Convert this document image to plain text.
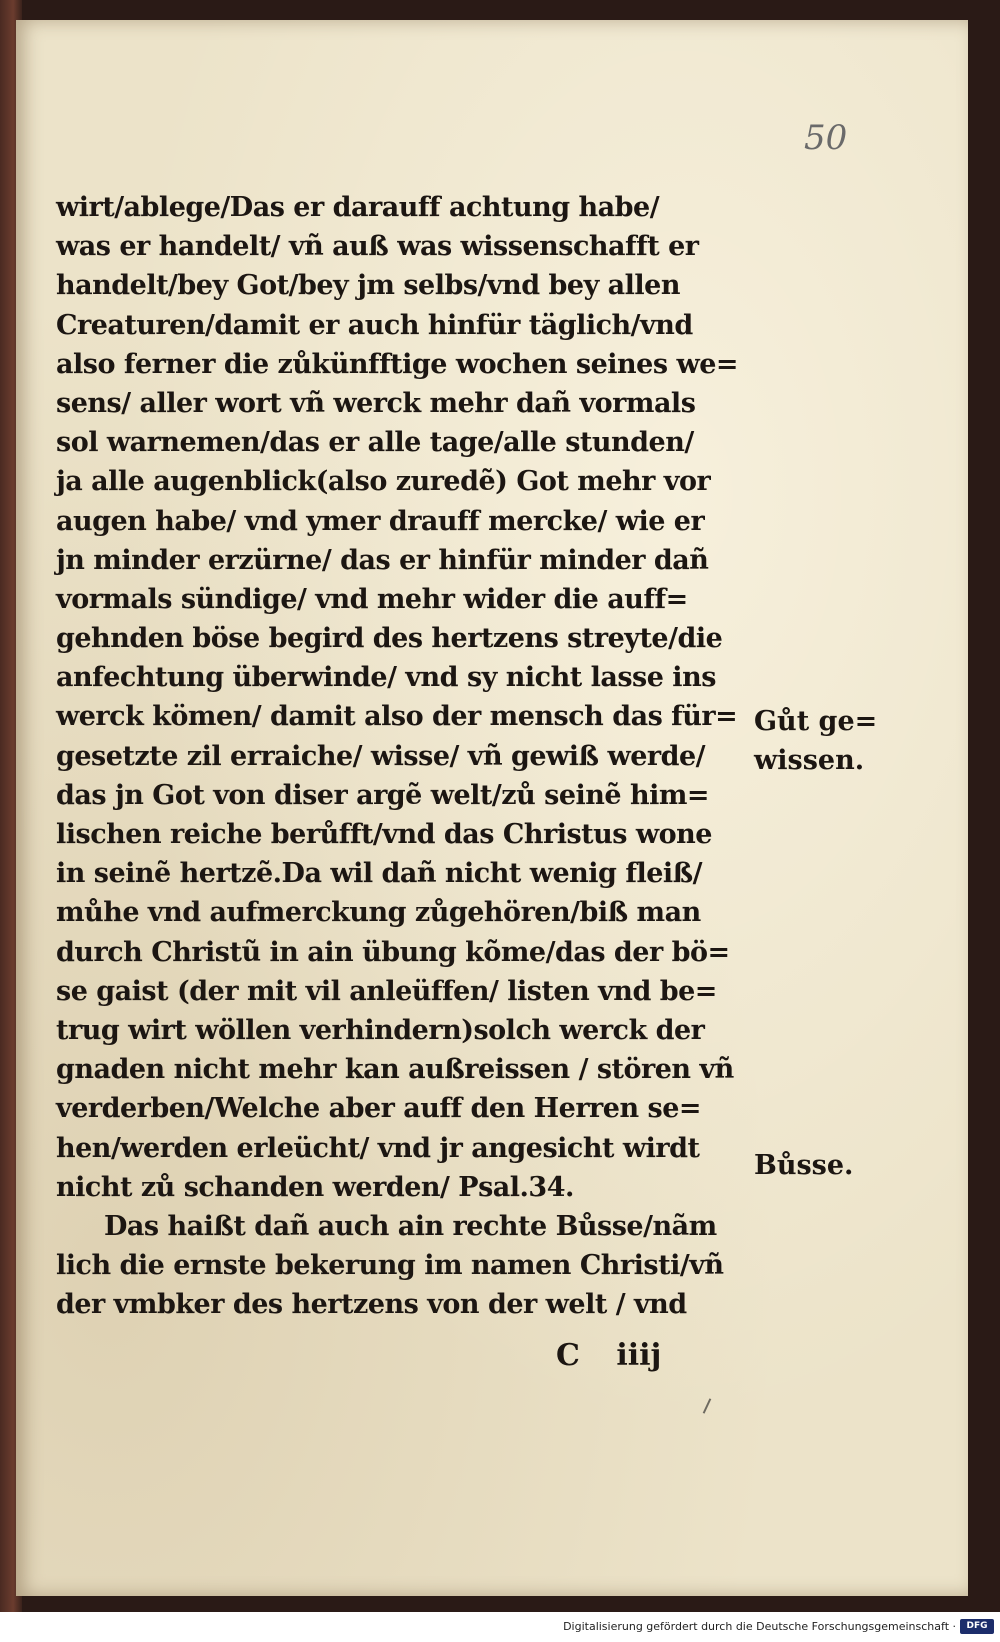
50
wirt/ablege/Das er darauff achtung habe/
was er handelt/ vñ auß was wissenschafft er
handelt/bey Got/bey jm selbs/vnd bey allen
Creaturen/damit er auch hinfür täglich/vnd
also ferner die zůkünfftige wochen seines we=
sens/ aller wort vñ werck mehr dañ vormals
sol warnemen/das er alle tage/alle stunden/
ja alle augenblick(also zuredẽ) Got mehr vor
augen habe/ vnd ymer drauff mercke/ wie er
jn minder erzürne/ das er hinfür minder dañ
vormals sündige/ vnd mehr wider die auff=
gehnden böse begird des hertzens streyte/die
anfechtung überwinde/ vnd sy nicht lasse ins
werck kömen/ damit also der mensch das für=
gesetzte zil erraiche/ wisse/ vñ gewiß werde/
das jn Got von diser argẽ welt/zů seinẽ him=
lischen reiche berůfft/vnd das Christus wone
in seinẽ hertzẽ.Da wil dañ nicht wenig fleiß/
můhe vnd aufmerckung zůgehören/biß man
durch Christũ in ain übung kõme/das der bö=
se gaist (der mit vil anleüffen/ listen vnd be=
trug wirt wöllen verhindern)solch werck der
gnaden nicht mehr kan außreissen / stören vñ
verderben/Welche aber auff den Herren se=
hen/werden erleücht/ vnd jr angesicht wirdt
nicht zů schanden werden/ Psal.34.
Das haißt dañ auch ain rechte Bůsse/nãm
lich die ernste bekerung im namen Christi/vñ
der vmbker des hertzens von der welt / vnd
Gůt ge=
wissen.
Bůsse.
C iiij
Digitalisierung gefördert durch die Deutsche Forschungsgemeinschaft ·	DFG
